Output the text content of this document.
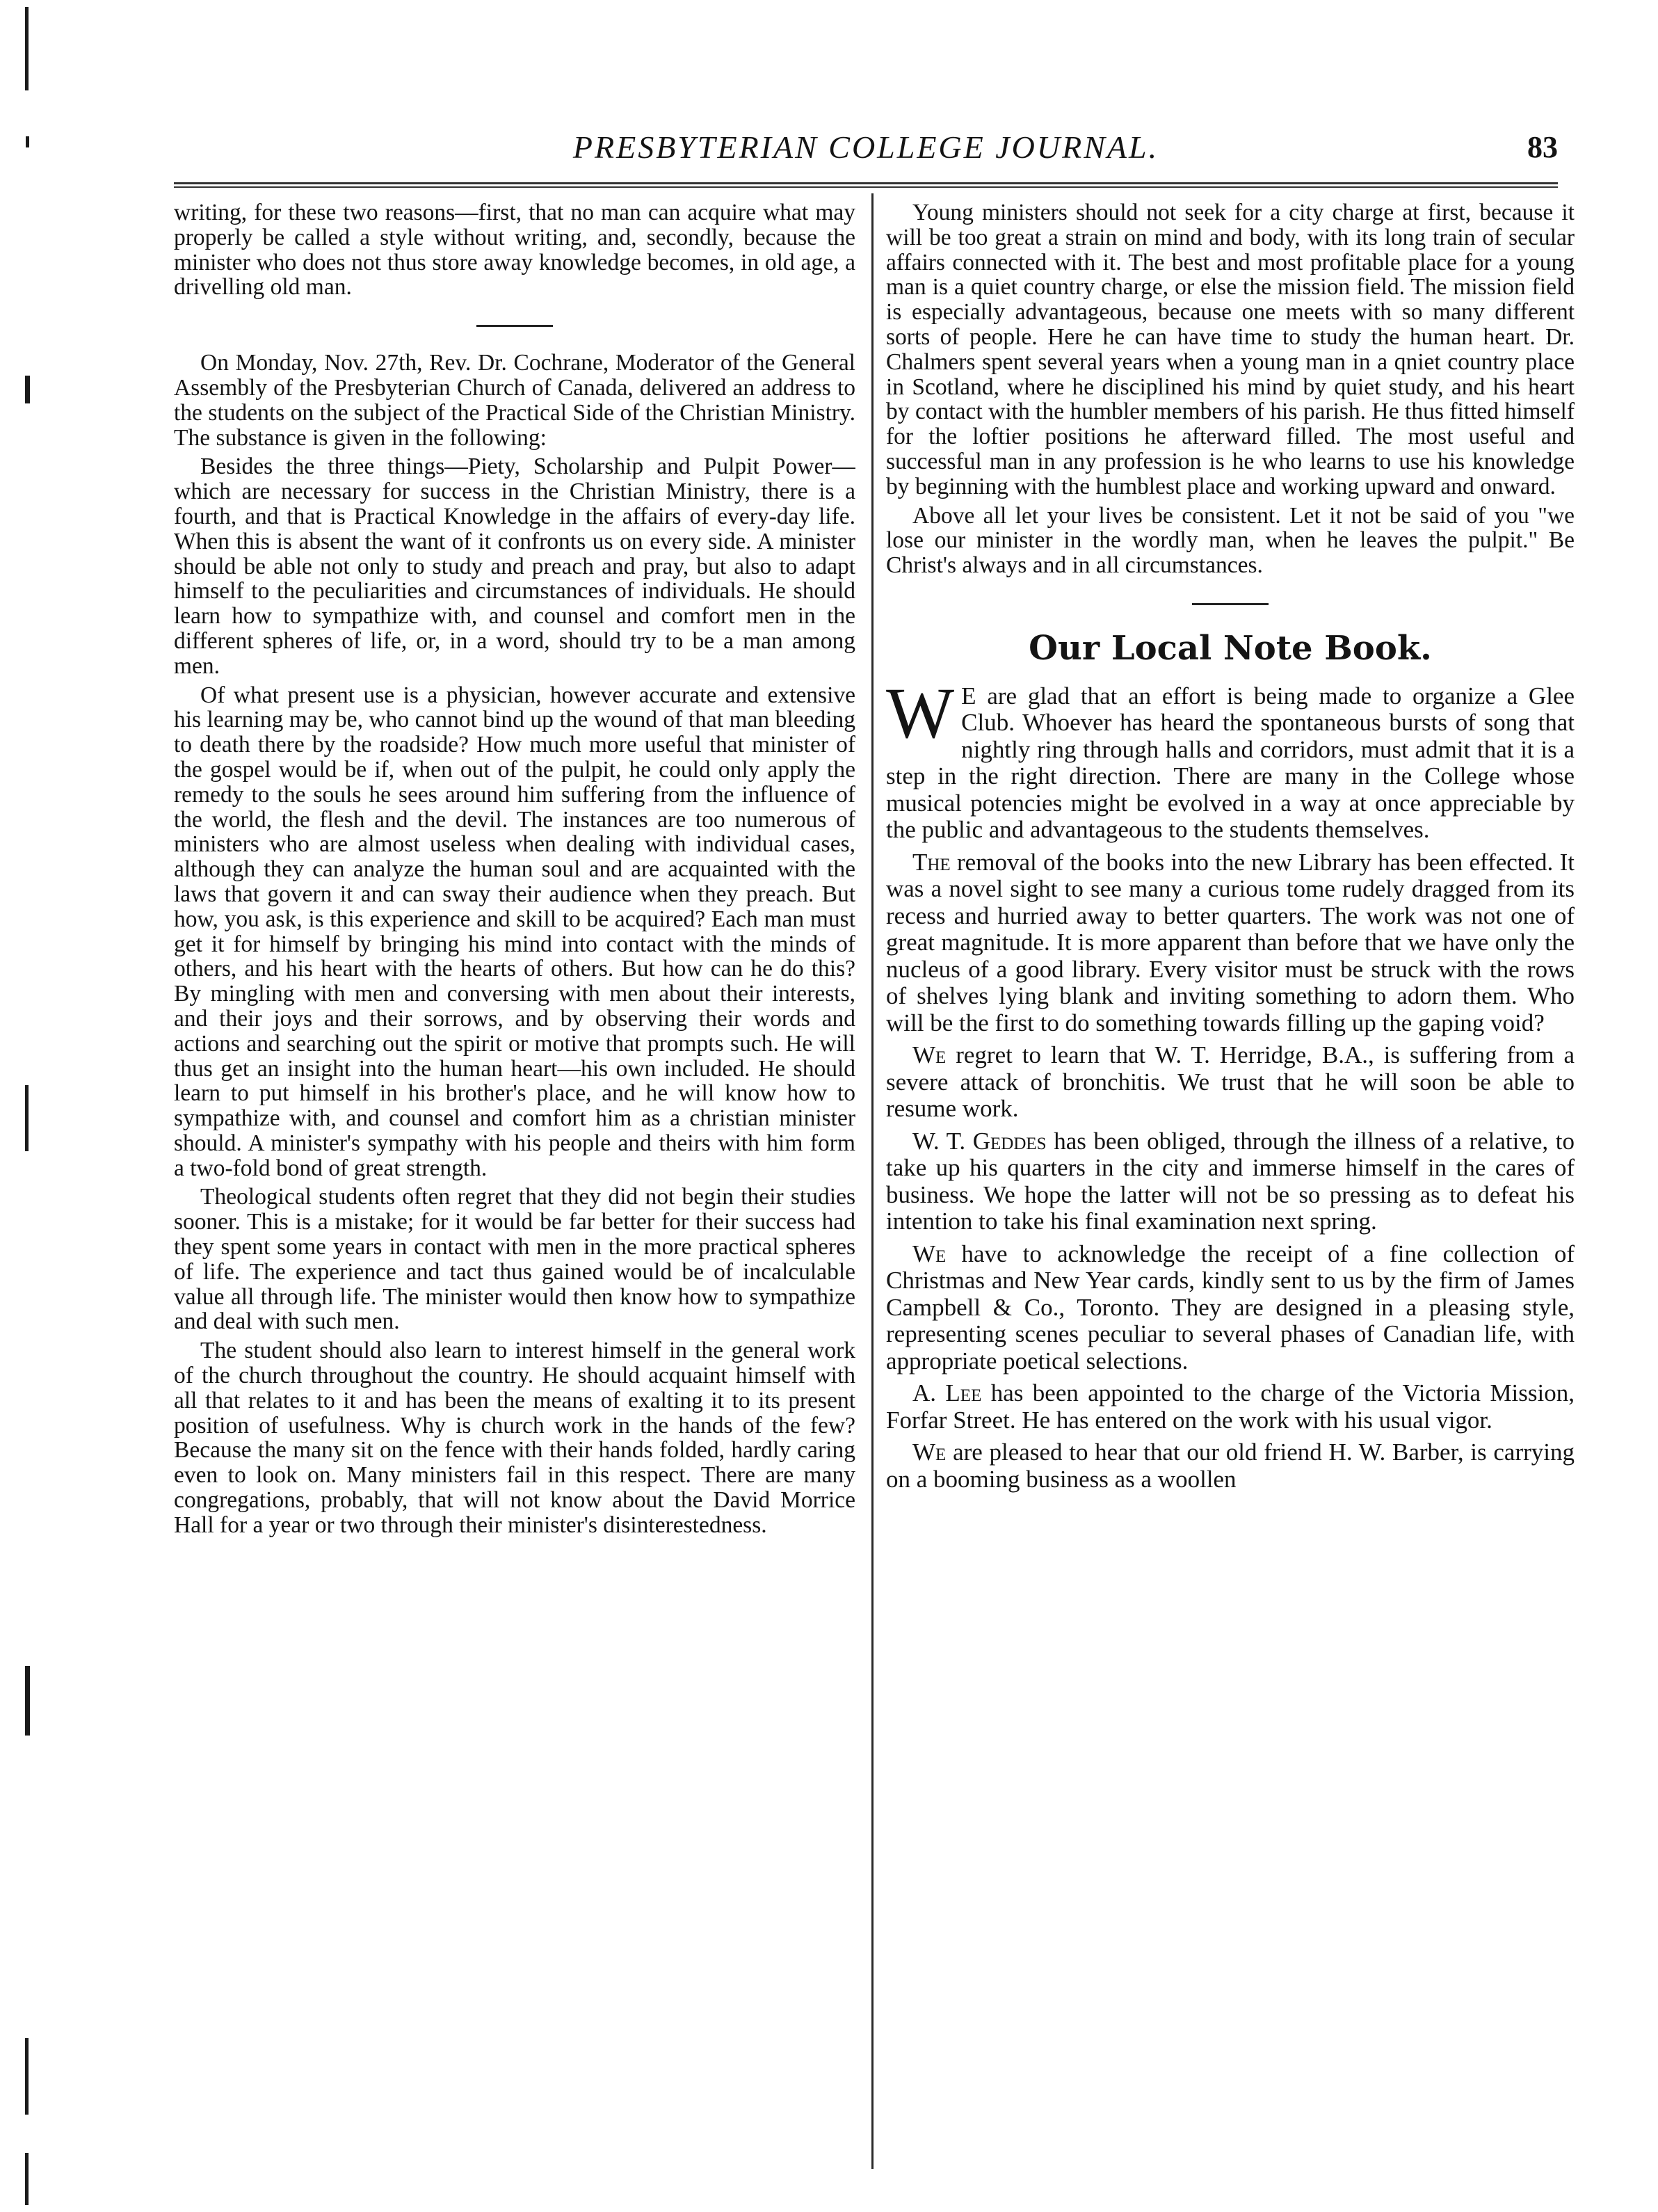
PRESBYTERIAN COLLEGE JOURNAL.	83

writing, for these two reasons—first, that no man can acquire what may properly be called a style without writing, and, secondly, because the minister who does not thus store away knowledge becomes, in old age, a drivelling old man.

On Monday, Nov. 27th, Rev. Dr. Cochrane, Moderator of the General Assembly of the Presbyterian Church of Canada, delivered an address to the students on the subject of the Practical Side of the Christian Ministry. The substance is given in the following:

Besides the three things—Piety, Scholarship and Pulpit Power—which are necessary for success in the Christian Ministry, there is a fourth, and that is Practical Knowledge in the affairs of every-day life. When this is absent the want of it confronts us on every side. A minister should be able not only to study and preach and pray, but also to adapt himself to the peculiarities and circumstances of individuals. He should learn how to sympathize with, and counsel and comfort men in the different spheres of life, or, in a word, should try to be a man among men.

Of what present use is a physician, however accurate and extensive his learning may be, who cannot bind up the wound of that man bleeding to death there by the roadside? How much more useful that minister of the gospel would be if, when out of the pulpit, he could only apply the remedy to the souls he sees around him suffering from the influence of the world, the flesh and the devil. The instances are too numerous of ministers who are almost useless when dealing with individual cases, although they can analyze the human soul and are acquainted with the laws that govern it and can sway their audience when they preach. But how, you ask, is this experience and skill to be acquired? Each man must get it for himself by bringing his mind into contact with the minds of others, and his heart with the hearts of others. But how can he do this? By mingling with men and conversing with men about their interests, and their joys and their sorrows, and by observing their words and actions and searching out the spirit or motive that prompts such. He will thus get an insight into the human heart—his own included. He should learn to put himself in his brother's place, and he will know how to sympathize with, and counsel and comfort him as a christian minister should. A minister's sympathy with his people and theirs with him form a two-fold bond of great strength.

Theological students often regret that they did not begin their studies sooner. This is a mistake; for it would be far better for their success had they spent some years in contact with men in the more practical spheres of life. The experience and tact thus gained would be of incalculable value all through life. The minister would then know how to sympathize and deal with such men.

The student should also learn to interest himself in the general work of the church throughout the country. He should acquaint himself with all that relates to it and has been the means of exalting it to its present position of usefulness. Why is church work in the hands of the few? Because the many sit on the fence with their hands folded, hardly caring even to look on. Many ministers fail in this respect. There are many congregations, probably, that will not know about the David Morrice Hall for a year or two through their minister's disinterestedness.

Young ministers should not seek for a city charge at first, because it will be too great a strain on mind and body, with its long train of secular affairs connected with it. The best and most profitable place for a young man is a quiet country charge, or else the mission field. The mission field is especially advantageous, because one meets with so many different sorts of people. Here he can have time to study the human heart. Dr. Chalmers spent several years when a young man in a qniet country place in Scotland, where he disciplined his mind by quiet study, and his heart by contact with the humbler members of his parish. He thus fitted himself for the loftier positions he afterward filled. The most useful and successful man in any profession is he who learns to use his knowledge by beginning with the humblest place and working upward and onward.

Above all let your lives be consistent. Let it not be said of you "we lose our minister in the wordly man, when he leaves the pulpit." Be Christ's always and in all circumstances.

Our Local Note Book.

W E are glad that an effort is being made to organize a Glee Club. Whoever has heard the spontaneous bursts of song that nightly ring through halls and corridors, must admit that it is a step in the right direction. There are many in the College whose musical potencies might be evolved in a way at once appreciable by the public and advantageous to the students themselves.

The removal of the books into the new Library has been effected. It was a novel sight to see many a curious tome rudely dragged from its recess and hurried away to better quarters. The work was not one of great magnitude. It is more apparent than before that we have only the nucleus of a good library. Every visitor must be struck with the rows of shelves lying blank and inviting something to adorn them. Who will be the first to do something towards filling up the gaping void?

We regret to learn that W. T. Herridge, B.A., is suffering from a severe attack of bronchitis. We trust that he will soon be able to resume work.

W. T. Geddes has been obliged, through the illness of a relative, to take up his quarters in the city and immerse himself in the cares of business. We hope the latter will not be so pressing as to defeat his intention to take his final examination next spring.

We have to acknowledge the receipt of a fine collection of Christmas and New Year cards, kindly sent to us by the firm of James Campbell & Co., Toronto. They are designed in a pleasing style, representing scenes peculiar to several phases of Canadian life, with appropriate poetical selections.

A. Lee has been appointed to the charge of the Victoria Mission, Forfar Street. He has entered on the work with his usual vigor.

We are pleased to hear that our old friend H. W. Barber, is carrying on a booming business as a woollen
